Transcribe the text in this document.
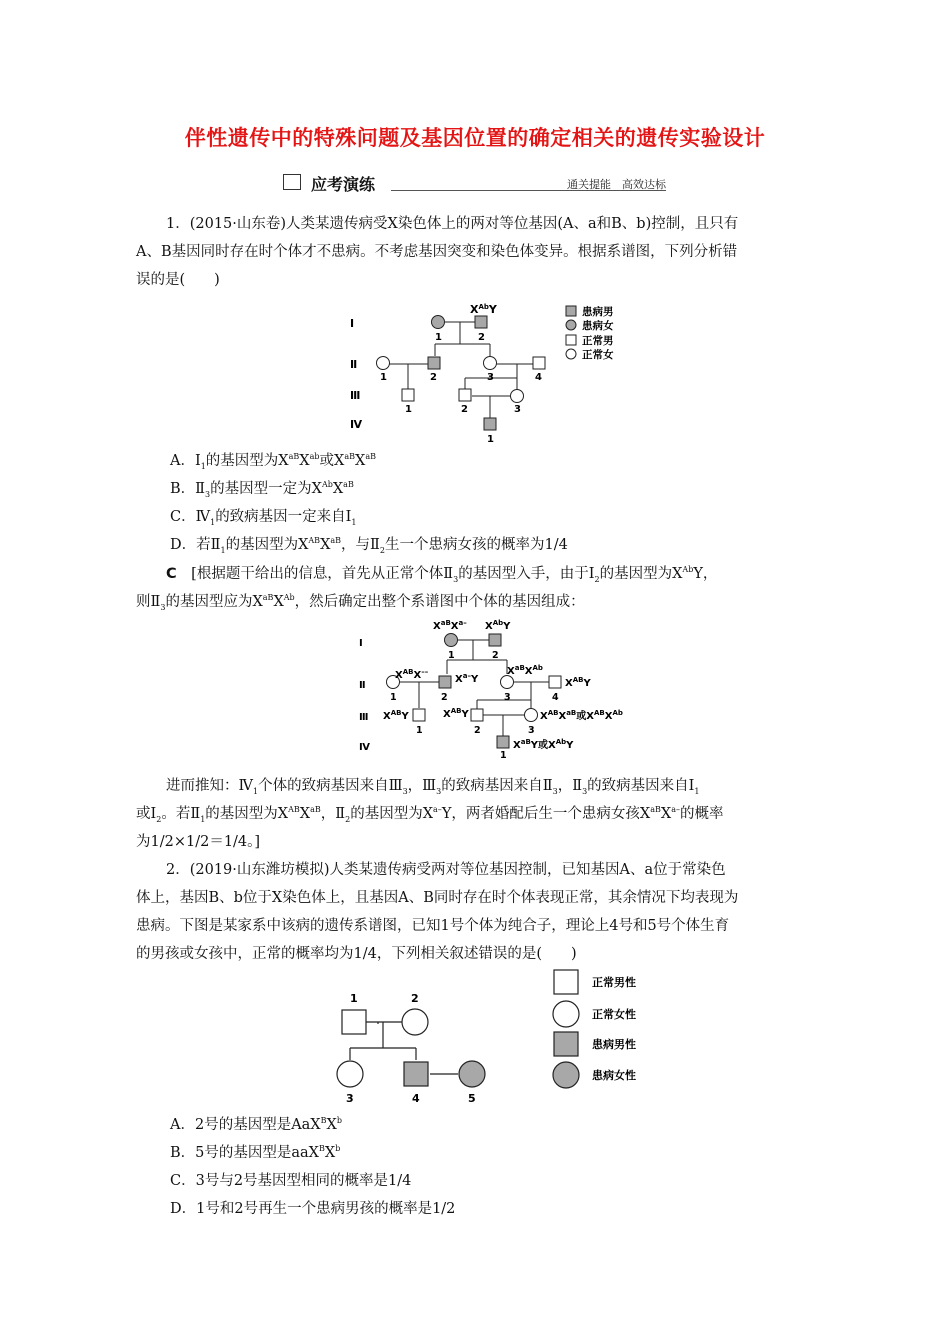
伴性遗传中的特殊问题及基因位置的确定相关的遗传实验设计
应考演练	通关提能　 高效达标

1．(2015·山东卷)人类某遗传病受X染色体上的两对等位基因(A、a和B、b)控制，且只有

A、B基因同时存在时个体才不患病。不考虑基因突变和染色体变异。根据系谱图，下列分析错

误的是(　　)

Ⅰ
Ⅱ
Ⅲ
Ⅳ
$X^{Ab}Y$
1	2
1	2	3	4
1	2	3
1
患病男
患病女
正常男
正常女

A．$Ⅰ_1$的基因型为$X^{aB}X^{ab}$或$X^{aB}X^{aB}$

B．$Ⅱ_3$的基因型一定为$X^{Ab}X^{aB}$

C．$Ⅳ_1$的致病基因一定来自$Ⅰ_1$

D．若$Ⅱ_1$的基因型为$X^{AB}X^{aB}$，与$Ⅱ_2$生一个患病女孩的概率为1/4

C　 [根据题干给出的信息，首先从正常个体$Ⅱ_3$的基因型入手，由于$Ⅰ_2$的基因型为$X^{Ab}Y$，

则$Ⅱ_3$的基因型应为$X^{aB}X^{Ab}$，然后确定出整个系谱图中个体的基因组成：

Ⅰ
Ⅱ
Ⅲ
Ⅳ
$X^{aB}X^{a-}$ $X^{Ab}Y$
$X^{AB}X^{--}$
$X^{a-}Y$
$X^{aB}X^{Ab}$
$X^{AB}Y$
$X^{AB}Y$	$X^{AB}Y$	$X^{AB}X^{aB}$或$X^{AB}X^{Ab}$
$X^{aB}Y$或$X^{Ab}Y$
1	2
1	2	3	4
1	2	3
1

进而推知：$Ⅳ_1$个体的致病基因来自$Ⅲ_3$，$Ⅲ_3$的致病基因来自$Ⅱ_3$，$Ⅱ_3$的致病基因来自$Ⅰ_1$

或$Ⅰ_2$。若$Ⅱ_1$的基因型为$X^{AB}X^{aB}$，$Ⅱ_2$的基因型为$X^{a-}Y$，两者婚配后生一个患病女孩$X^{aB}X^{a-}$的概率

为1/2×1/2＝1/4。]

2．(2019·山东潍坊模拟)人类某遗传病受两对等位基因控制，已知基因A、a位于常染色

体上，基因B、b位于X染色体上，且基因A、B同时存在时个体表现正常，其余情况下均表现为

患病。下图是某家系中该病的遗传系谱图，已知1号个体为纯合子，理论上4号和5号个体生育

的男孩或女孩中，正常的概率均为1/4，下列相关叙述错误的是(　　)

1	2
3	4	5
正常男性
正常女性
患病男性
患病女性

A．2号的基因型是$AaX^BX^b$

B．5号的基因型是$aaX^BX^b$

C．3号与2号基因型相同的概率是1/4

D．1号和2号再生一个患病男孩的概率是1/2
